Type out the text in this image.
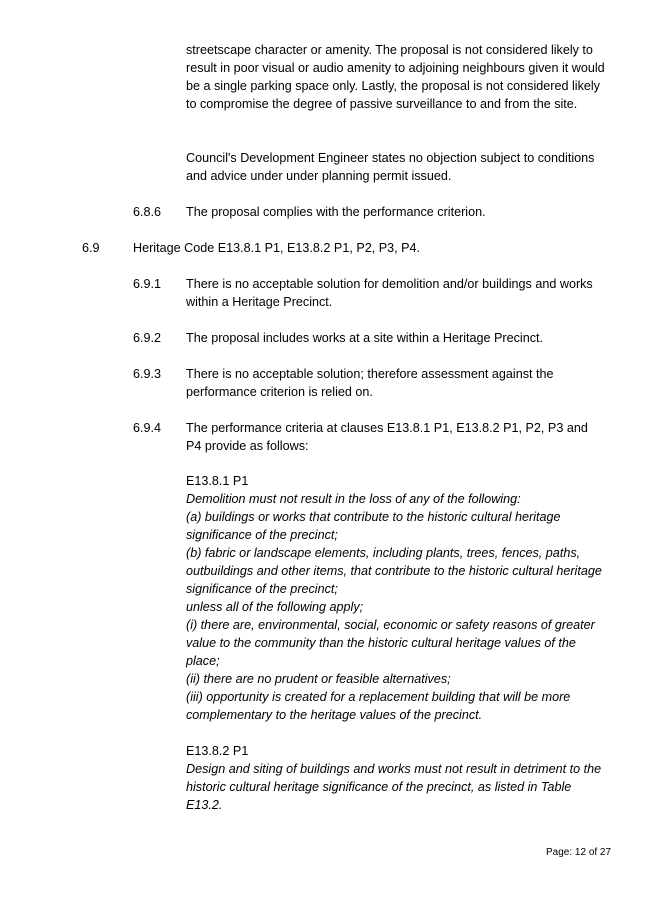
streetscape character or amenity. The proposal is not considered likely to result in poor visual or audio amenity to adjoining neighbours given it would be a single parking space only. Lastly, the proposal is not considered likely to compromise the degree of passive surveillance to and from the site.

Council's Development Engineer states no objection subject to conditions and advice under under planning permit issued.

6.8.6 The proposal complies with the performance criterion.

6.9	Heritage Code E13.8.1 P1, E13.8.2 P1, P2, P3, P4.

6.9.1 There is no acceptable solution for demolition and/or buildings and works within a Heritage Precinct.

6.9.2 The proposal includes works at a site within a Heritage Precinct.

6.9.3 There is no acceptable solution; therefore assessment against the performance criterion is relied on.

6.9.4 The performance criteria at clauses E13.8.1 P1, E13.8.2 P1, P2, P3 and P4 provide as follows:

E13.8.1 P1
Demolition must not result in the loss of any of the following:
(a) buildings or works that contribute to the historic cultural heritage significance of the precinct;
(b) fabric or landscape elements, including plants, trees, fences, paths, outbuildings and other items, that contribute to the historic cultural heritage significance of the precinct;
unless all of the following apply;
(i) there are, environmental, social, economic or safety reasons of greater value to the community than the historic cultural heritage values of the place;
(ii) there are no prudent or feasible alternatives;
(iii) opportunity is created for a replacement building that will be more complementary to the heritage values of the precinct.
E13.8.2 P1
Design and siting of buildings and works must not result in detriment to the historic cultural heritage significance of the precinct, as listed in Table E13.2.
Page: 12 of 27
